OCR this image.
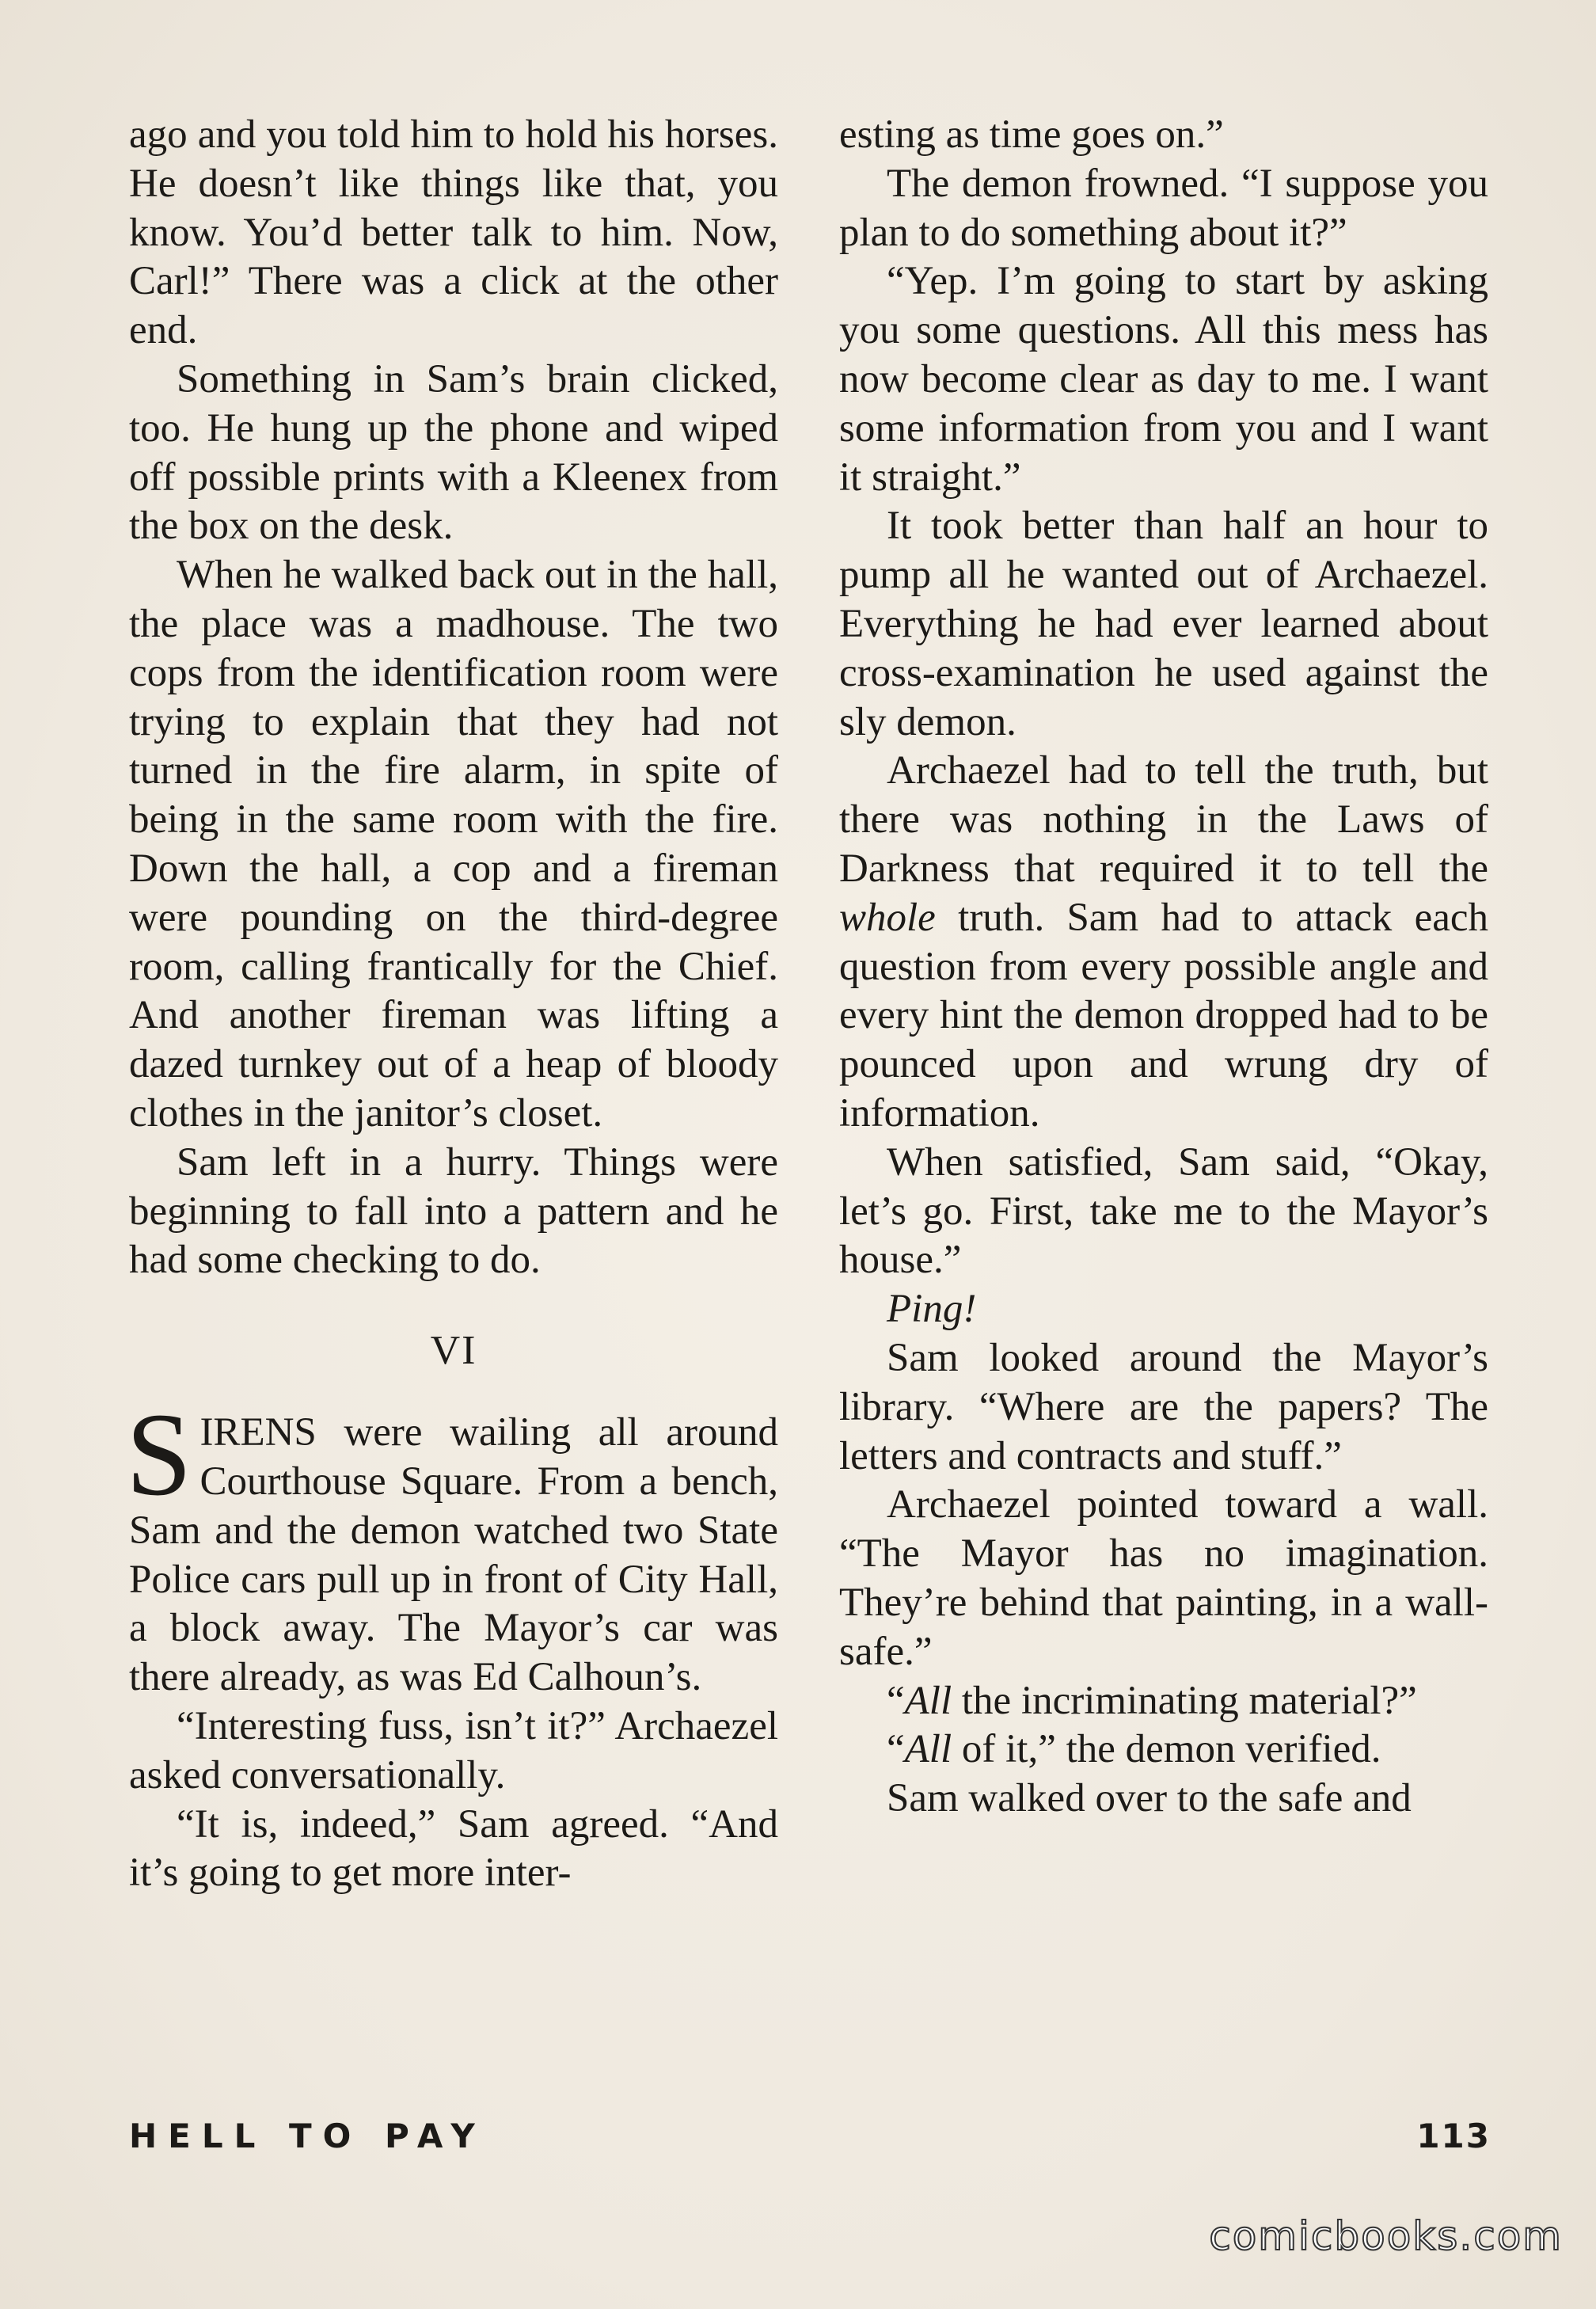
ago and you told him to hold his horses. He doesn’t like things like that, you know. You’d better talk to him. Now, Carl!” There was a click at the other end.

Something in Sam’s brain clicked, too. He hung up the phone and wiped off possible prints with a Kleenex from the box on the desk.

When he walked back out in the hall, the place was a madhouse. The two cops from the identification room were trying to explain that they had not turned in the fire alarm, in spite of being in the same room with the fire. Down the hall, a cop and a fireman were pounding on the third-degree room, calling frantically for the Chief. And another fireman was lifting a dazed turnkey out of a heap of bloody clothes in the janitor’s closet.

Sam left in a hurry. Things were beginning to fall into a pattern and he had some checking to do.

VI

SIRENS were wailing all around Courthouse Square. From a bench, Sam and the demon watched two State Police cars pull up in front of City Hall, a block away. The Mayor’s car was there already, as was Ed Calhoun’s.

“Interesting fuss, isn’t it?” Archaezel asked conversationally.

“It is, indeed,” Sam agreed. “And it’s going to get more inter-

esting as time goes on.”

The demon frowned. “I suppose you plan to do something about it?”

“Yep. I’m going to start by asking you some questions. All this mess has now become clear as day to me. I want some information from you and I want it straight.”

It took better than half an hour to pump all he wanted out of Archaezel. Everything he had ever learned about cross-examination he used against the sly demon.

Archaezel had to tell the truth, but there was nothing in the Laws of Darkness that required it to tell the whole truth. Sam had to attack each question from every possible angle and every hint the demon dropped had to be pounced upon and wrung dry of information.

When satisfied, Sam said, “Okay, let’s go. First, take me to the Mayor’s house.”

Ping!

Sam looked around the Mayor’s library. “Where are the papers? The letters and contracts and stuff.”

Archaezel pointed toward a wall. “The Mayor has no imagination. They’re behind that painting, in a wall-safe.”

“All the incriminating material?”

“All of it,” the demon verified.

Sam walked over to the safe and

HELL TO PAY	113
comicbooks.com
